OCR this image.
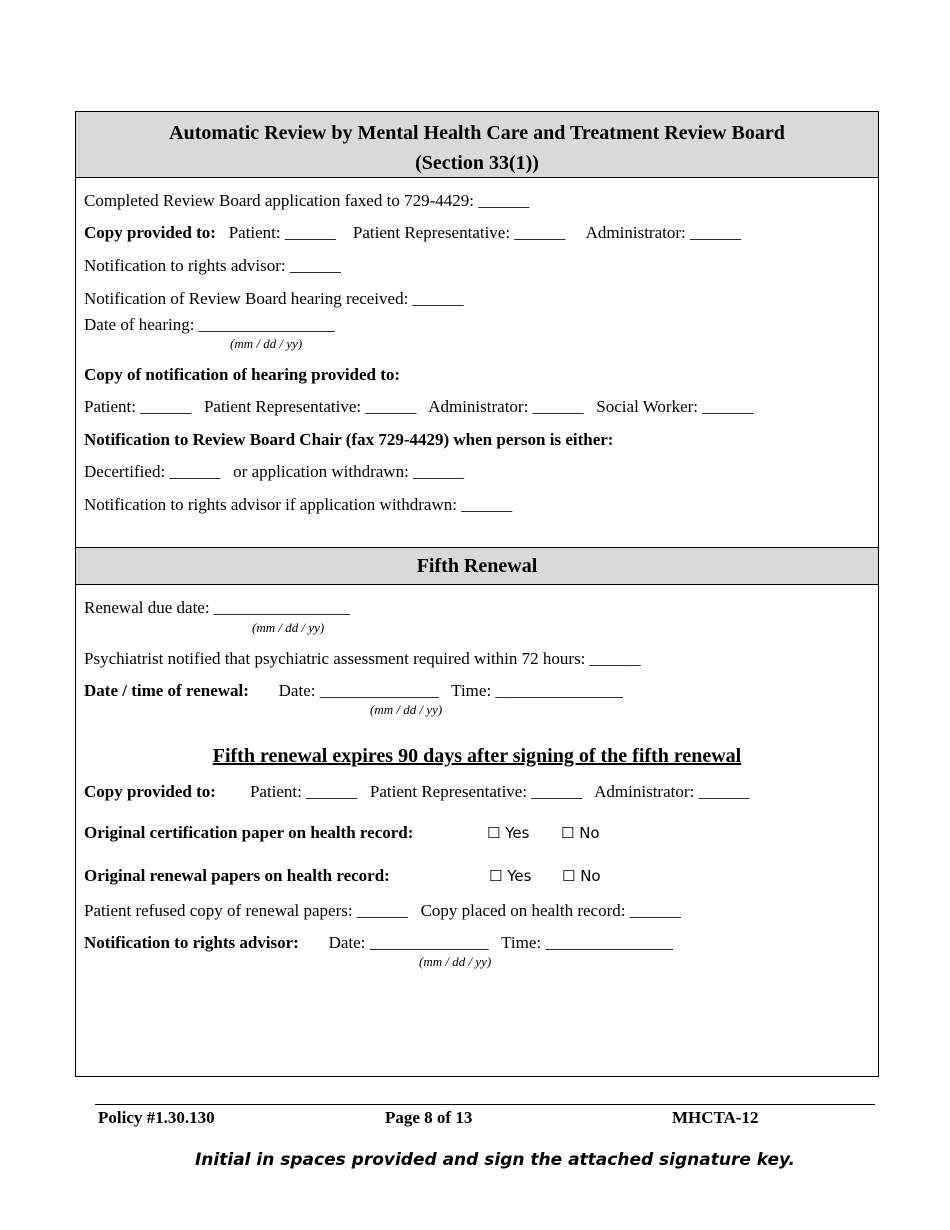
Automatic Review by Mental Health Care and Treatment Review Board
(Section 33(1))
Completed Review Board application faxed to 729-4429: ______
Copy provided to:   Patient: ______    Patient Representative: ______     Administrator: ______
Notification to rights advisor: ______
Notification of Review Board hearing received: ______
Date of hearing: ________________
(mm / dd / yy)
Copy of notification of hearing provided to:
Patient: ______   Patient Representative: ______   Administrator: ______   Social Worker: ______
Notification to Review Board Chair (fax 729-4429) when person is either:
Decertified: ______   or application withdrawn: ______
Notification to rights advisor if application withdrawn: ______
Fifth Renewal
Renewal due date: ________________
(mm / dd / yy)
Psychiatrist notified that psychiatric assessment required within 72 hours: ______
Date / time of renewal:       Date: ______________   Time: _______________
(mm / dd / yy)
Fifth renewal expires 90 days after signing of the fifth renewal
Copy provided to:        Patient: ______   Patient Representative: ______   Administrator: ______
Original certification paper on health record:	☐ Yes ☐ No
Original renewal papers on health record:	☐ Yes ☐ No
Patient refused copy of renewal papers: ______   Copy placed on health record: ______
Notification to rights advisor:       Date: ______________   Time: _______________
(mm / dd / yy)
Policy #1.30.130	Page 8 of 13	MHCTA-12
Initial in spaces provided and sign the attached signature key.
